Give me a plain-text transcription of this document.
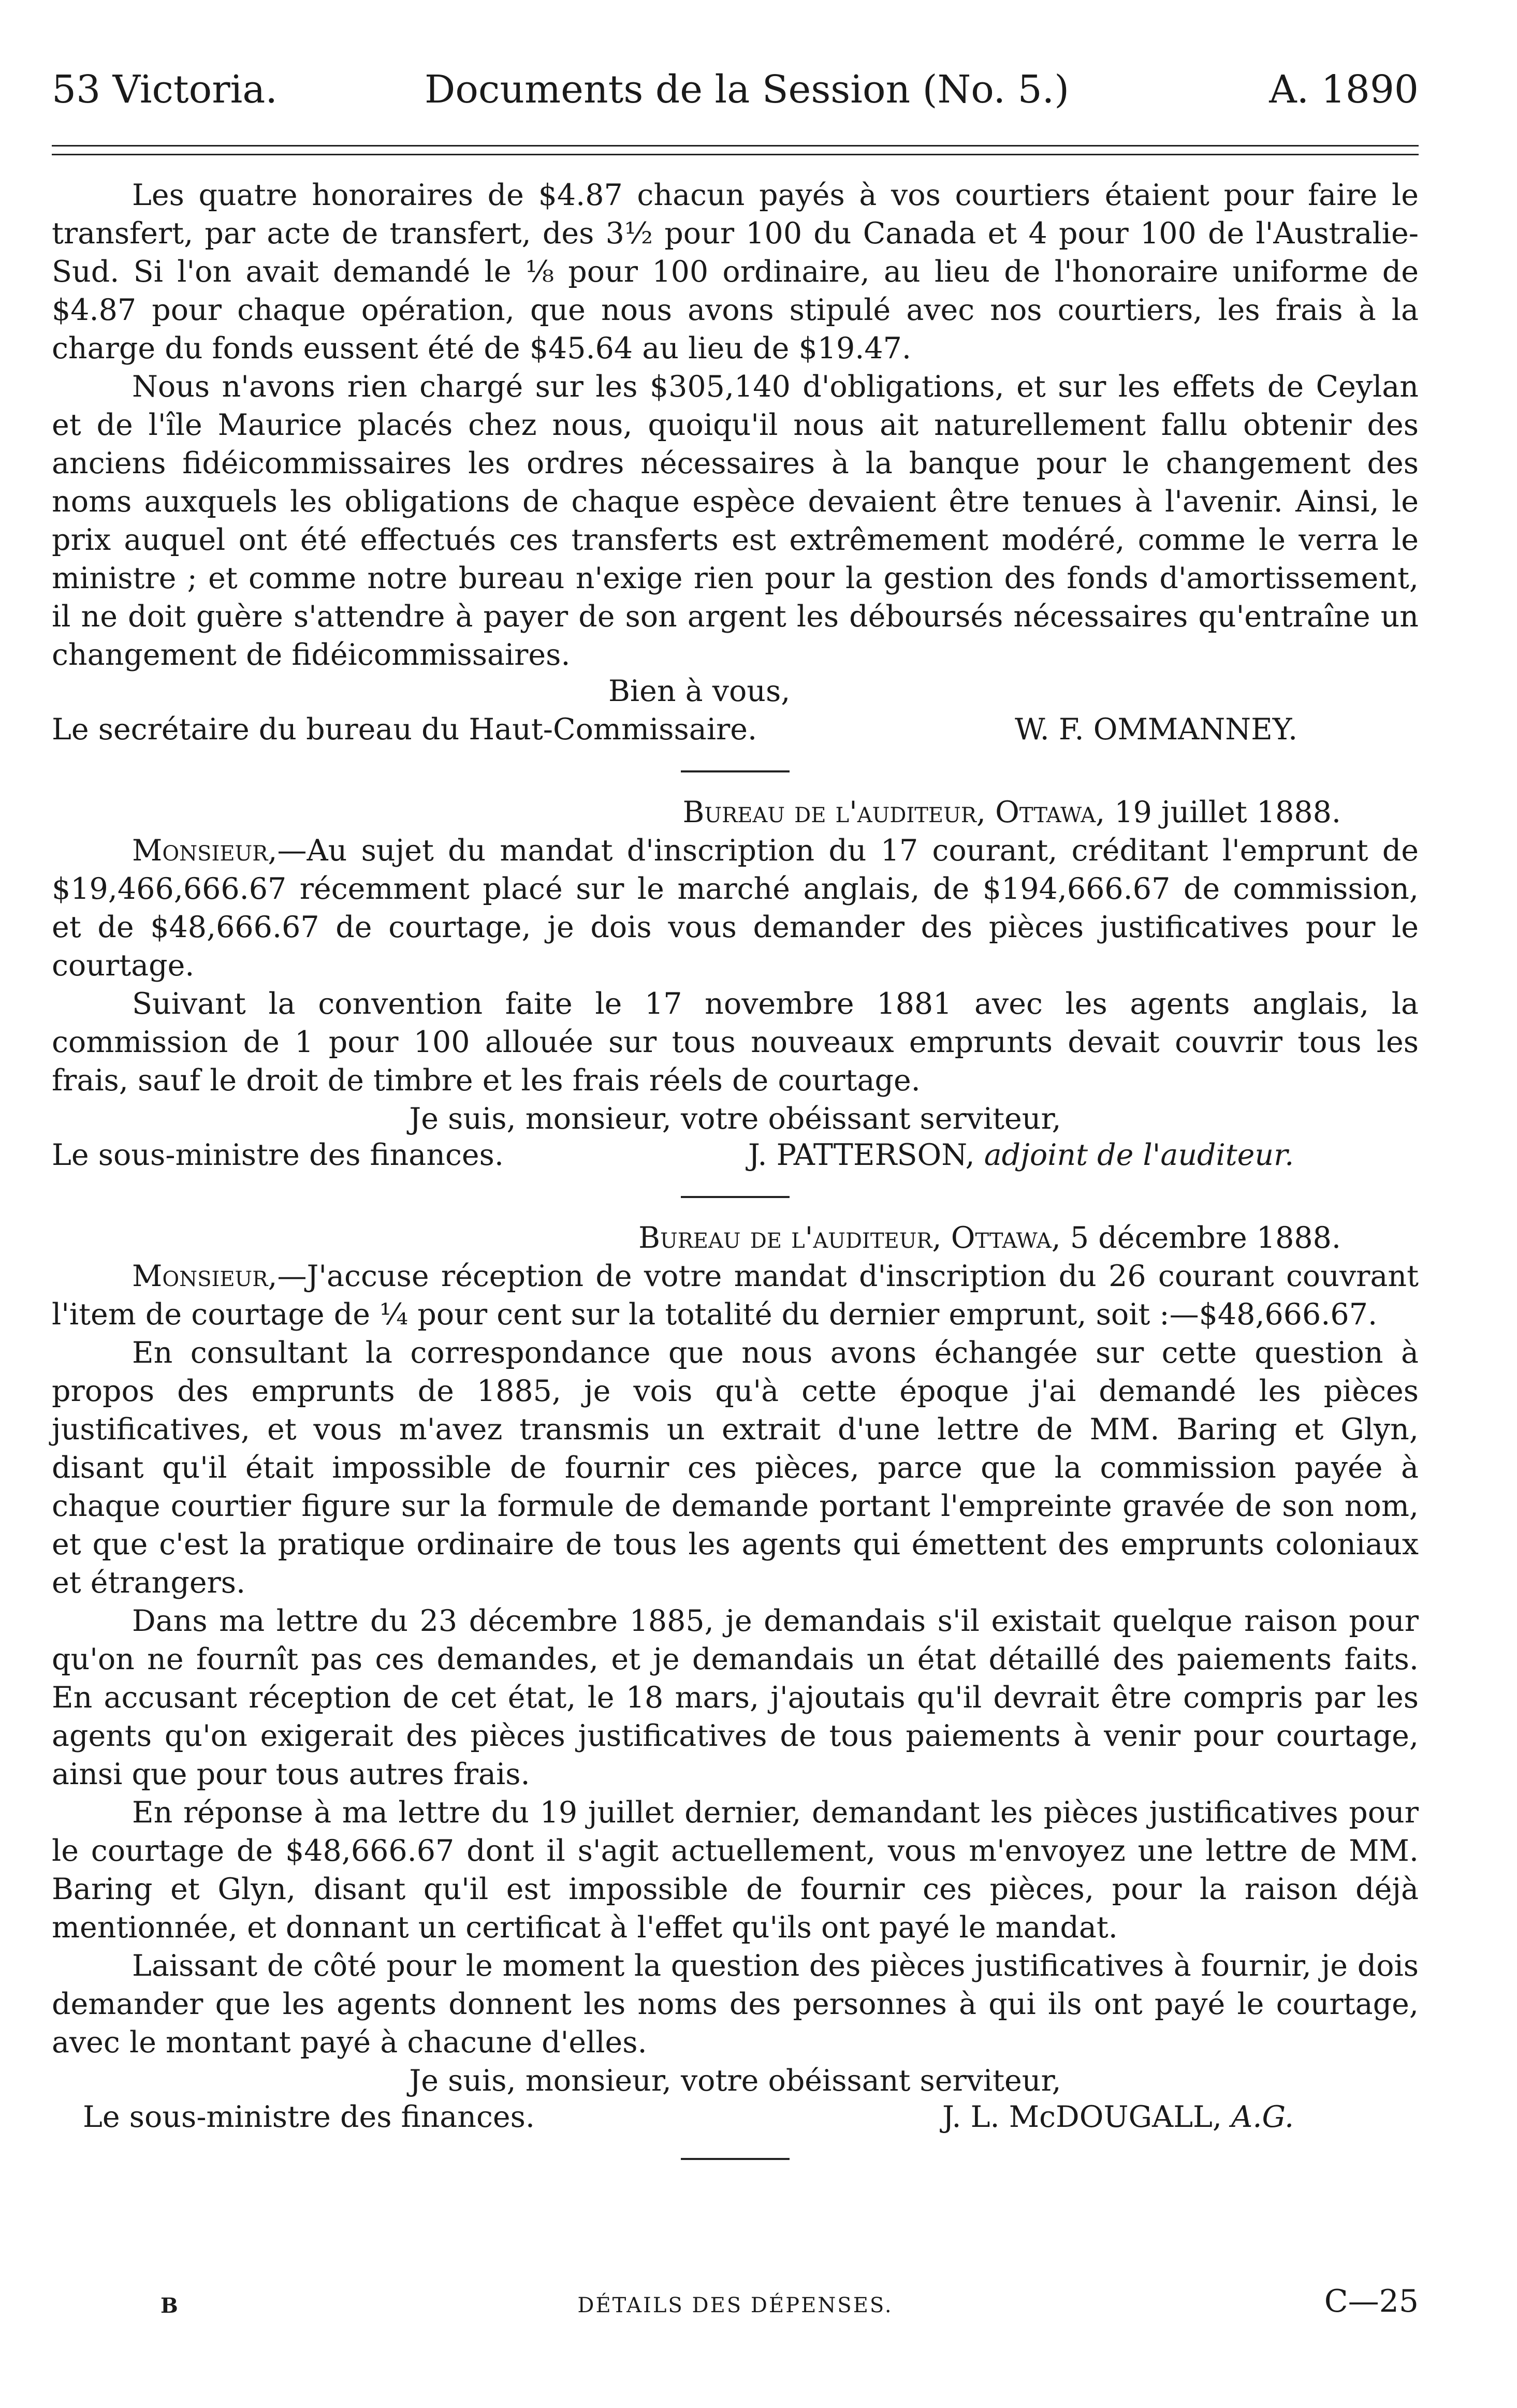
53 Victoria.	Documents de la Session (No. 5.)	A. 1890

Les quatre honoraires de $4.87 chacun payés à vos courtiers étaient pour faire le transfert, par acte de transfert, des 3½ pour 100 du Canada et 4 pour 100 de l'Australie-Sud. Si l'on avait demandé le ⅛ pour 100 ordinaire, au lieu de l'honoraire uniforme de $4.87 pour chaque opération, que nous avons stipulé avec nos courtiers, les frais à la charge du fonds eussent été de $45.64 au lieu de $19.47.

Nous n'avons rien chargé sur les $305,140 d'obligations, et sur les effets de Ceylan et de l'île Maurice placés chez nous, quoiqu'il nous ait naturellement fallu obtenir des anciens fidéicommissaires les ordres nécessaires à la banque pour le changement des noms auxquels les obligations de chaque espèce devaient être tenues à l'avenir. Ainsi, le prix auquel ont été effectués ces transferts est extrêmement modéré, comme le verra le ministre ; et comme notre bureau n'exige rien pour la gestion des fonds d'amortissement, il ne doit guère s'attendre à payer de son argent les déboursés nécessaires qu'entraîne un changement de fidéicommissaires.

Bien à vous,
Le secrétaire du bureau du Haut-Commissaire.	W. F. OMMANNEY.
Bureau de l'auditeur, Ottawa, 19 juillet 1888.

Monsieur,—Au sujet du mandat d'inscription du 17 courant, créditant l'emprunt de $19,466,666.67 récemment placé sur le marché anglais, de $194,666.67 de commission, et de $48,666.67 de courtage, je dois vous demander des pièces justificatives pour le courtage.

Suivant la convention faite le 17 novembre 1881 avec les agents anglais, la commission de 1 pour 100 allouée sur tous nouveaux emprunts devait couvrir tous les frais, sauf le droit de timbre et les frais réels de courtage.

Je suis, monsieur, votre obéissant serviteur,
Le sous-ministre des finances.	J. PATTERSON, adjoint de l'auditeur.
Bureau de l'auditeur, Ottawa, 5 décembre 1888.

Monsieur,—J'accuse réception de votre mandat d'inscription du 26 courant couvrant l'item de courtage de ¼ pour cent sur la totalité du dernier emprunt, soit :—$48,666.67.

En consultant la correspondance que nous avons échangée sur cette question à propos des emprunts de 1885, je vois qu'à cette époque j'ai demandé les pièces justificatives, et vous m'avez transmis un extrait d'une lettre de MM. Baring et Glyn, disant qu'il était impossible de fournir ces pièces, parce que la commission payée à chaque courtier figure sur la formule de demande portant l'empreinte gravée de son nom, et que c'est la pratique ordinaire de tous les agents qui émettent des emprunts coloniaux et étrangers.

Dans ma lettre du 23 décembre 1885, je demandais s'il existait quelque raison pour qu'on ne fournît pas ces demandes, et je demandais un état détaillé des paiements faits. En accusant réception de cet état, le 18 mars, j'ajoutais qu'il devrait être compris par les agents qu'on exigerait des pièces justificatives de tous paiements à venir pour courtage, ainsi que pour tous autres frais.

En réponse à ma lettre du 19 juillet dernier, demandant les pièces justificatives pour le courtage de $48,666.67 dont il s'agit actuellement, vous m'envoyez une lettre de MM. Baring et Glyn, disant qu'il est impossible de fournir ces pièces, pour la raison déjà mentionnée, et donnant un certificat à l'effet qu'ils ont payé le mandat.

Laissant de côté pour le moment la question des pièces justificatives à fournir, je dois demander que les agents donnent les noms des personnes à qui ils ont payé le courtage, avec le montant payé à chacune d'elles.

Je suis, monsieur, votre obéissant serviteur,
Le sous-ministre des finances.	J. L. McDOUGALL, A.G.
B	DÉTAILS DES DÉPENSES.	C—25
